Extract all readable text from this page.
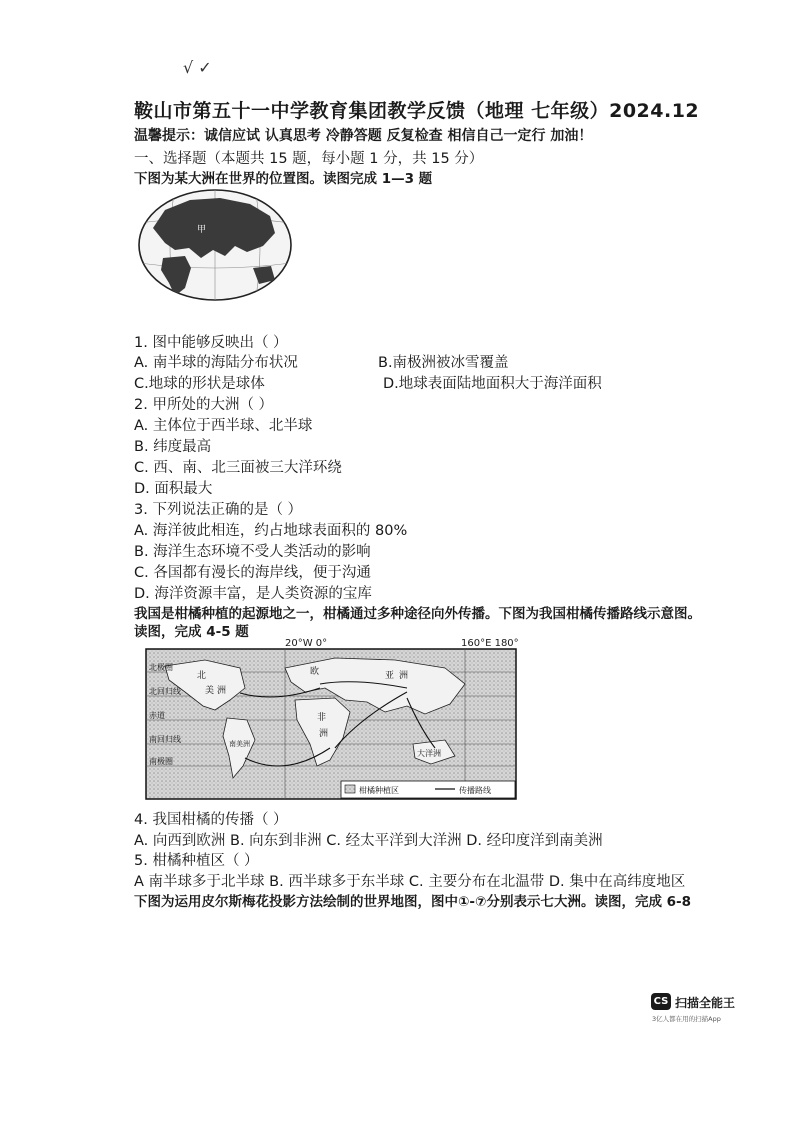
√ ✓
鞍山市第五十一中学教育集团教学反馈（地理 七年级）2024.12
温馨提示：诚信应试 认真思考 冷静答题 反复检查 相信自己一定行 加油！
一、选择题（本题共 15 题，每小题 1 分，共 15 分）
下图为某大洲在世界的位置图。读图完成 1—3 题
甲
1. 图中能够反映出（ ）
A. 南半球的海陆分布状况	B.南极洲被冰雪覆盖
C.地球的形状是球体	D.地球表面陆地面积大于海洋面积
2. 甲所处的大洲（ ）
A. 主体位于西半球、北半球
B. 纬度最高
C. 西、南、北三面被三大洋环绕
D. 面积最大
3. 下列说法正确的是（ ）
A. 海洋彼此相连，约占地球表面积的 80%
B. 海洋生态环境不受人类活动的影响
C. 各国都有漫长的海岸线，便于沟通
D. 海洋资源丰富，是人类资源的宝库
我国是柑橘种植的起源地之一，柑橘通过多种途径向外传播。下图为我国柑橘传播路线示意图。
读图，完成 4-5 题
20°W 0°	160°E 180°
北
美 洲
亚 洲
欧
非
洲
大洋洲
南美洲
北极圈
北回归线
赤道
南回归线
南极圈
柑橘种植区	传播路线
4. 我国柑橘的传播（ ）
A. 向西到欧洲 B. 向东到非洲 C. 经太平洋到大洋洲 D. 经印度洋到南美洲
5. 柑橘种植区（ ）
A 南半球多于北半球 B. 西半球多于东半球 C. 主要分布在北温带 D. 集中在高纬度地区
下图为运用皮尔斯梅花投影方法绘制的世界地图，图中①-⑦分别表示七大洲。读图，完成 6-8
CS 扫描全能王
3亿人都在用的扫描App
